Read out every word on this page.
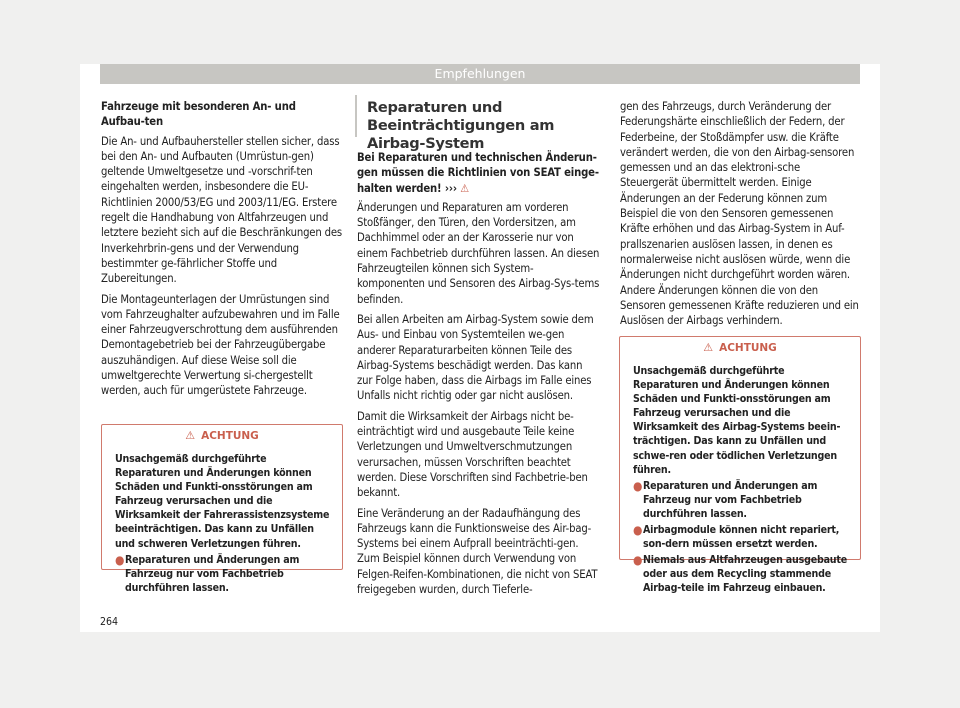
Empfehlungen

Fahrzeuge mit besonderen An- und Aufbau-ten

Die An- und Aufbauhersteller stellen sicher, dass bei den An- und Aufbauten (Umrüstun-gen) geltende Umweltgesetze und -vorschrif-ten eingehalten werden, insbesondere die EU-Richtlinien 2000/53/EG und 2003/11/EG. Erstere regelt die Handhabung von Altfahrzeugen und letztere bezieht sich auf die Beschränkungen des Inverkehrbrin-gens und der Verwendung bestimmter ge-fährlicher Stoffe und Zubereitungen.

Die Montageunterlagen der Umrüstungen sind vom Fahrzeughalter aufzubewahren und im Falle einer Fahrzeugverschrottung dem ausführenden Demontagebetrieb bei der Fahrzeugübergabe auszuhändigen. Auf diese Weise soll die umweltgerechte Verwertung si-chergestellt werden, auch für umgerüstete Fahrzeuge.

⚠ ACHTUNG

Unsachgemäß durchgeführte Reparaturen und Änderungen können Schäden und Funkti-onsstörungen am Fahrzeug verursachen und die Wirksamkeit der Fahrerassistenzsysteme beeinträchtigen. Das kann zu Unfällen und schweren Verletzungen führen.

● Reparaturen und Änderungen am Fahrzeug nur vom Fachbetrieb durchführen lassen.

Reparaturen und Beeinträchtigungen am Airbag-System

Bei Reparaturen und technischen Änderun-gen müssen die Richtlinien von SEAT einge-halten werden! ››› ⚠

Änderungen und Reparaturen am vorderen Stoßfänger, den Türen, den Vordersitzen, am Dachhimmel oder an der Karosserie nur von einem Fachbetrieb durchführen lassen. An diesen Fahrzeugteilen können sich System-komponenten und Sensoren des Airbag-Sys-tems befinden.

Bei allen Arbeiten am Airbag-System sowie dem Aus- und Einbau von Systemteilen we-gen anderer Reparaturarbeiten können Teile des Airbag-Systems beschädigt werden. Das kann zur Folge haben, dass die Airbags im Falle eines Unfalls nicht richtig oder gar nicht auslösen.

Damit die Wirksamkeit der Airbags nicht be-einträchtigt wird und ausgebaute Teile keine Verletzungen und Umweltverschmutzungen verursachen, müssen Vorschriften beachtet werden. Diese Vorschriften sind Fachbetrie-ben bekannt.

Eine Veränderung an der Radaufhängung des Fahrzeugs kann die Funktionsweise des Air-bag-Systems bei einem Aufprall beeinträchti-gen. Zum Beispiel können durch Verwendung von Felgen-Reifen-Kombinationen, die nicht von SEAT freigegeben wurden, durch Tieferle-

gen des Fahrzeugs, durch Veränderung der Federungshärte einschließlich der Federn, der Federbeine, der Stoßdämpfer usw. die Kräfte verändert werden, die von den Airbag-sensoren gemessen und an das elektroni-sche Steuergerät übermittelt werden. Einige Änderungen an der Federung können zum Beispiel die von den Sensoren gemessenen Kräfte erhöhen und das Airbag-System in Auf-prallszenarien auslösen lassen, in denen es normalerweise nicht auslösen würde, wenn die Änderungen nicht durchgeführt worden wären. Andere Änderungen können die von den Sensoren gemessenen Kräfte reduzieren und ein Auslösen der Airbags verhindern.

⚠ ACHTUNG

Unsachgemäß durchgeführte Reparaturen und Änderungen können Schäden und Funkti-onsstörungen am Fahrzeug verursachen und die Wirksamkeit des Airbag-Systems beein-trächtigen. Das kann zu Unfällen und schwe-ren oder tödlichen Verletzungen führen.

● Reparaturen und Änderungen am Fahrzeug nur vom Fachbetrieb durchführen lassen.

● Airbagmodule können nicht repariert, son-dern müssen ersetzt werden.

● Niemals aus Altfahrzeugen ausgebaute oder aus dem Recycling stammende Airbag-teile im Fahrzeug einbauen.

264
